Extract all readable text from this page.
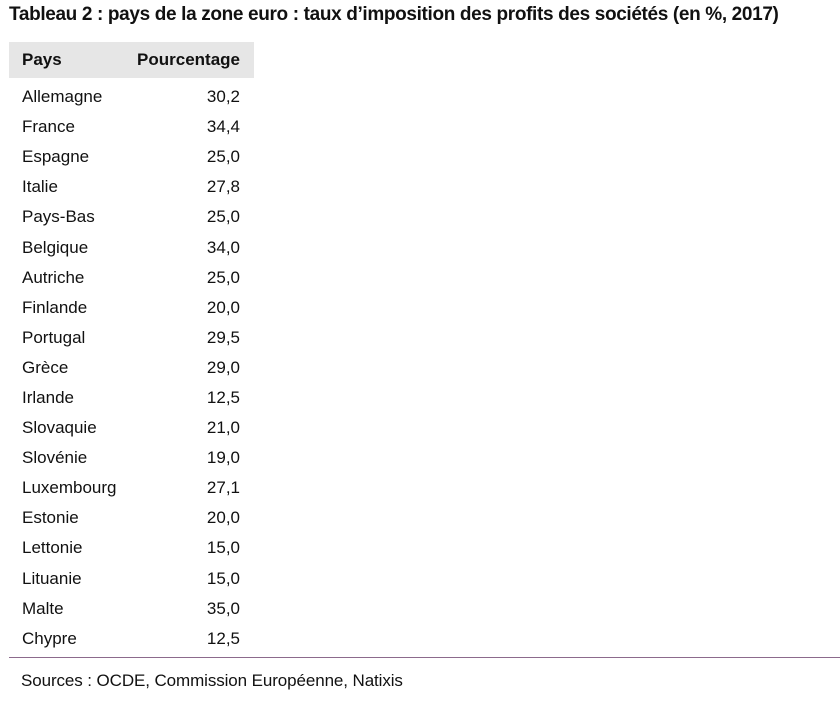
Tableau 2 : pays de la zone euro : taux d’imposition des profits des sociétés (en %, 2017)
Pays	Pourcentage
Allemagne	30,2
France	34,4
Espagne	25,0
Italie	27,8
Pays-Bas	25,0
Belgique	34,0
Autriche	25,0
Finlande	20,0
Portugal	29,5
Grèce	29,0
Irlande	12,5
Slovaquie	21,0
Slovénie	19,0
Luxembourg	27,1
Estonie	20,0
Lettonie	15,0
Lituanie	15,0
Malte	35,0
Chypre	12,5
Sources : OCDE, Commission Européenne, Natixis
